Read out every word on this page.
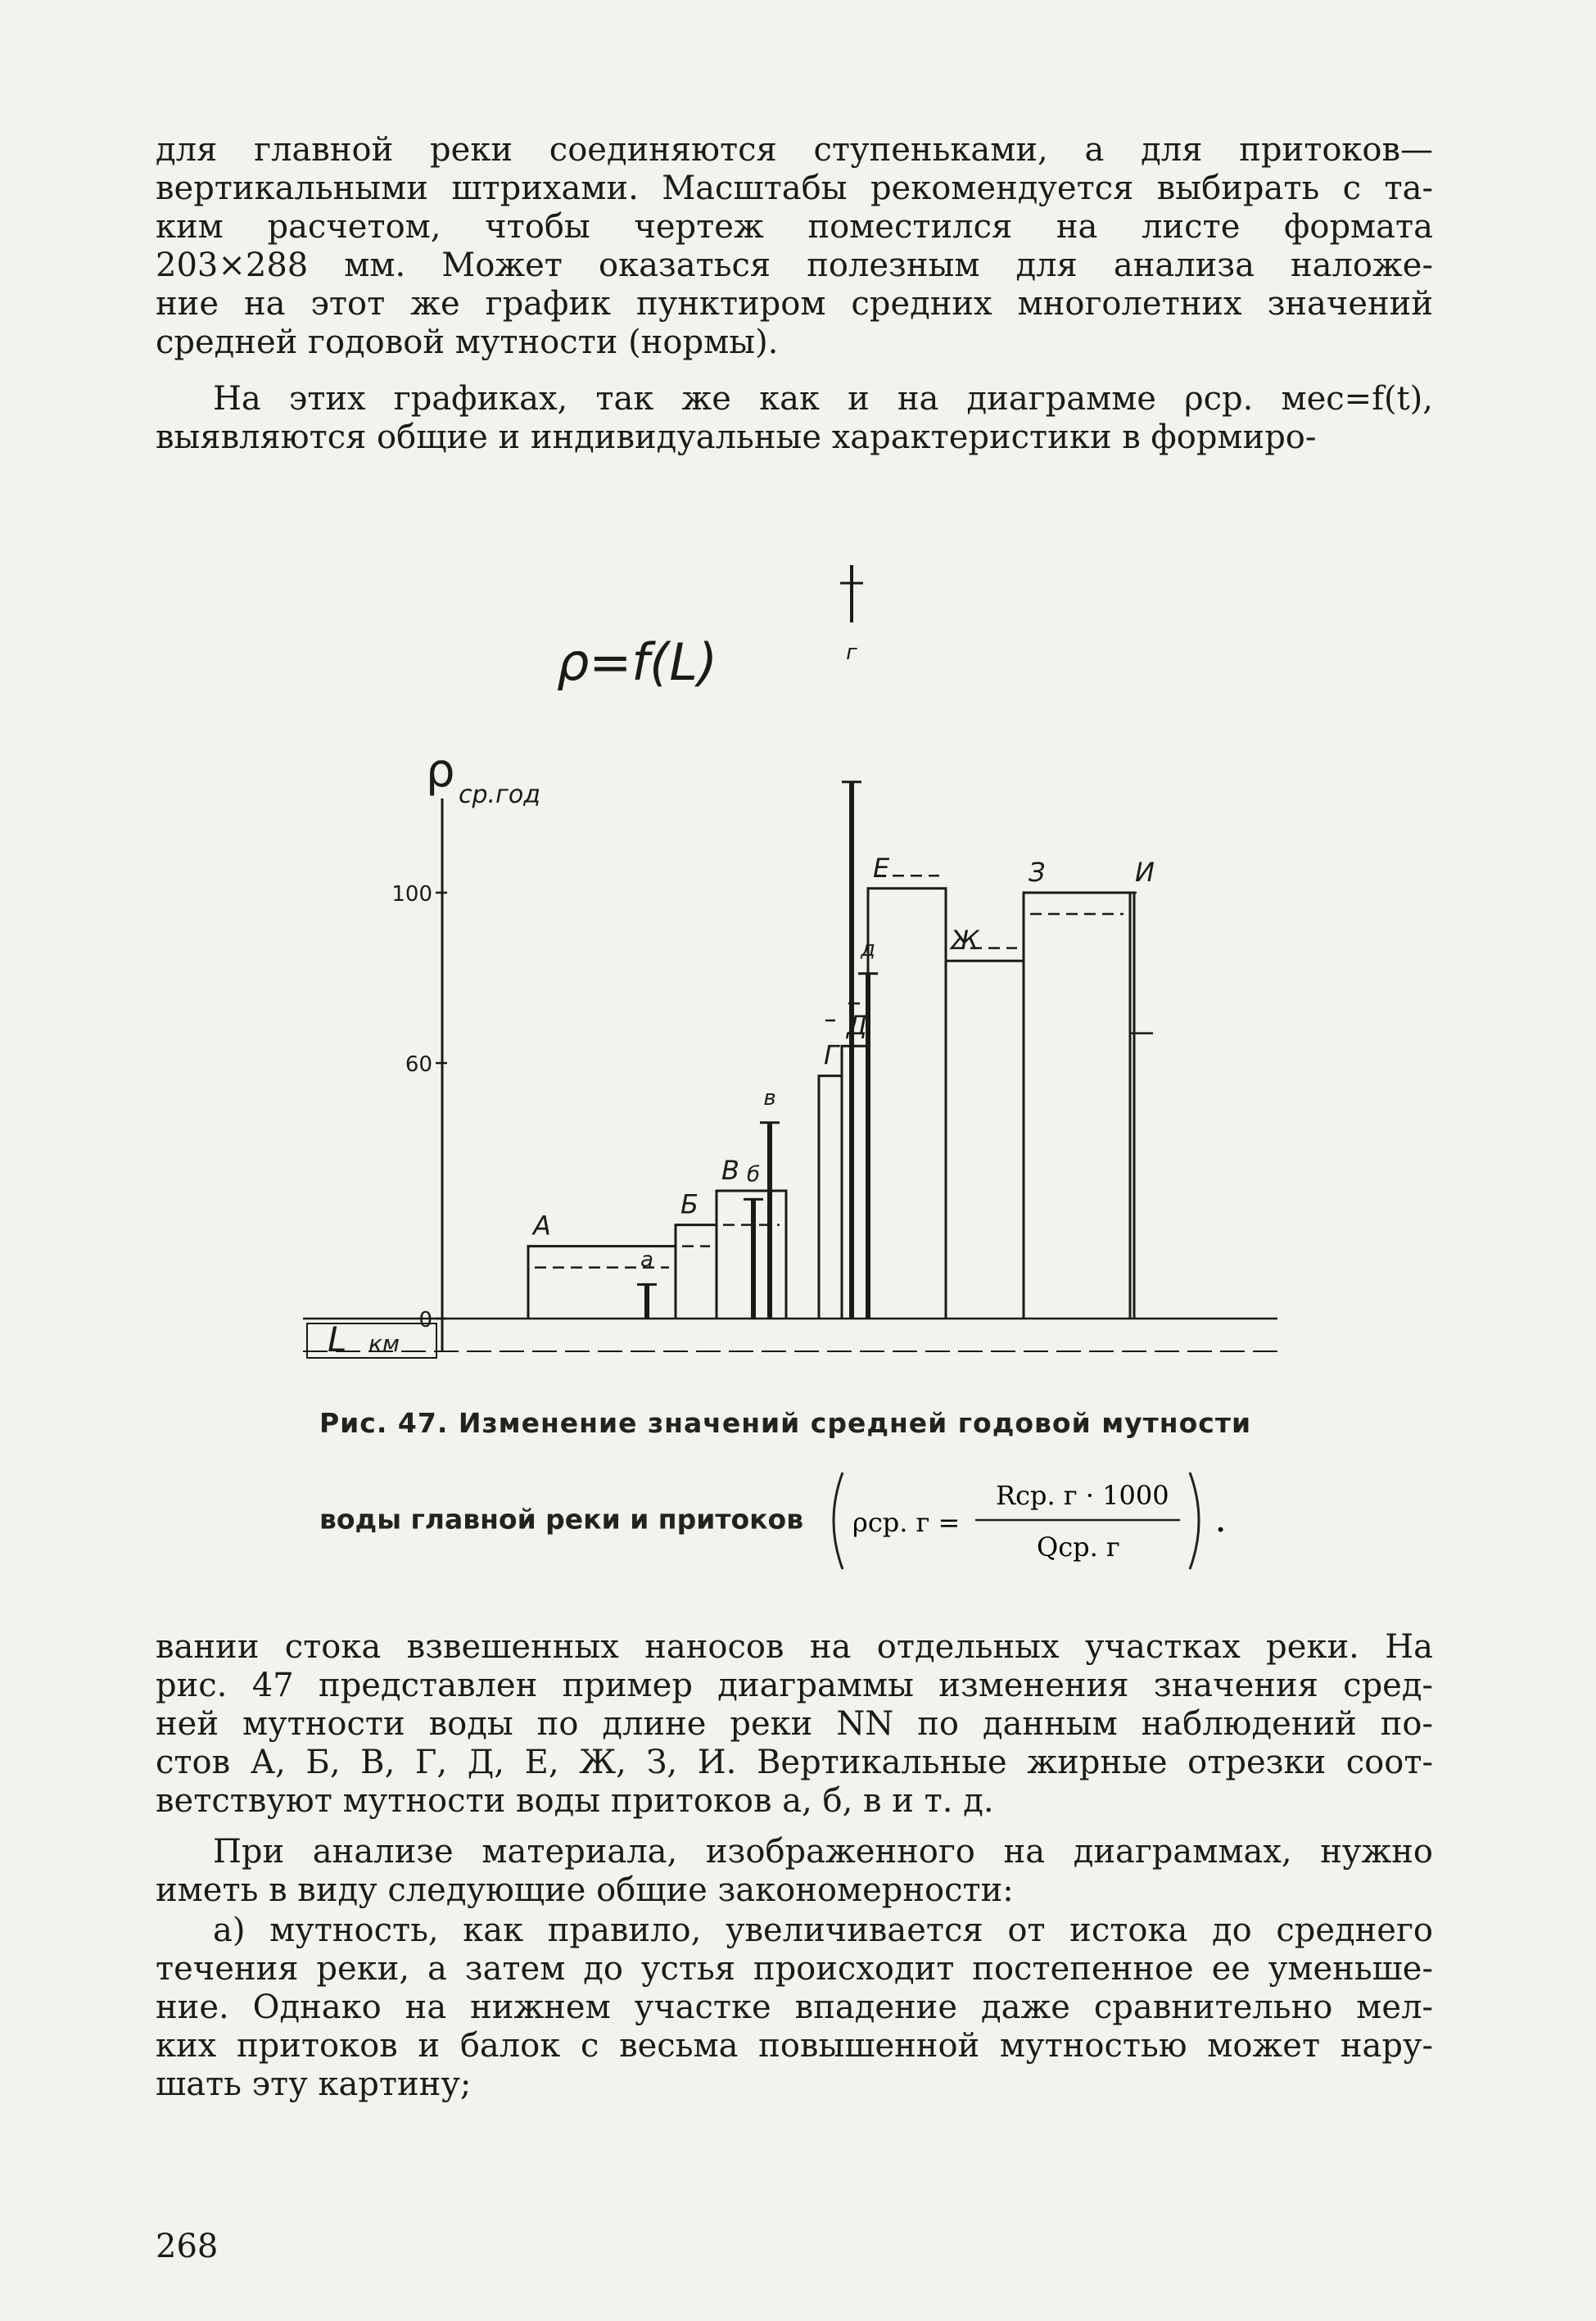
для главной реки соединяются ступеньками, а для притоков—
вертикальными штрихами. Масштабы рекомендуется выбирать с та-
ким расчетом, чтобы чертеж поместился на листе формата
203×288 мм. Может оказаться полезным для анализа наложе-
ние на этот же график пунктиром средних многолетних значений
средней годовой мутности (нормы).
На этих графиках, так же как и на диаграмме ρср. мес=f(t),
выявляются общие и индивидуальные характеристики в формиро-
ρ=f(L)
ρ ср.год
0
60
100
L км
А
Б
В
Г
Д
Е
Ж
З	И
а
б
в
д
г
Рис. 47. Изменение значений средней годовой мутности
воды главной реки и притоков ρср. г =
Rср. г · 1000
Qср. г
.
вании стока взвешенных наносов на отдельных участках реки. На
рис. 47 представлен пример диаграммы изменения значения сред-
ней мутности воды по длине реки NN по данным наблюдений по-
стов А, Б, В, Г, Д, Е, Ж, З, И. Вертикальные жирные отрезки соот-
ветствуют мутности воды притоков а, б, в и т. д.
При анализе материала, изображенного на диаграммах, нужно
иметь в виду следующие общие закономерности:
а) мутность, как правило, увеличивается от истока до среднего
течения реки, а затем до устья происходит постепенное ее уменьше-
ние. Однако на нижнем участке впадение даже сравнительно мел-
ких притоков и балок с весьма повышенной мутностью может нару-
шать эту картину;
268
